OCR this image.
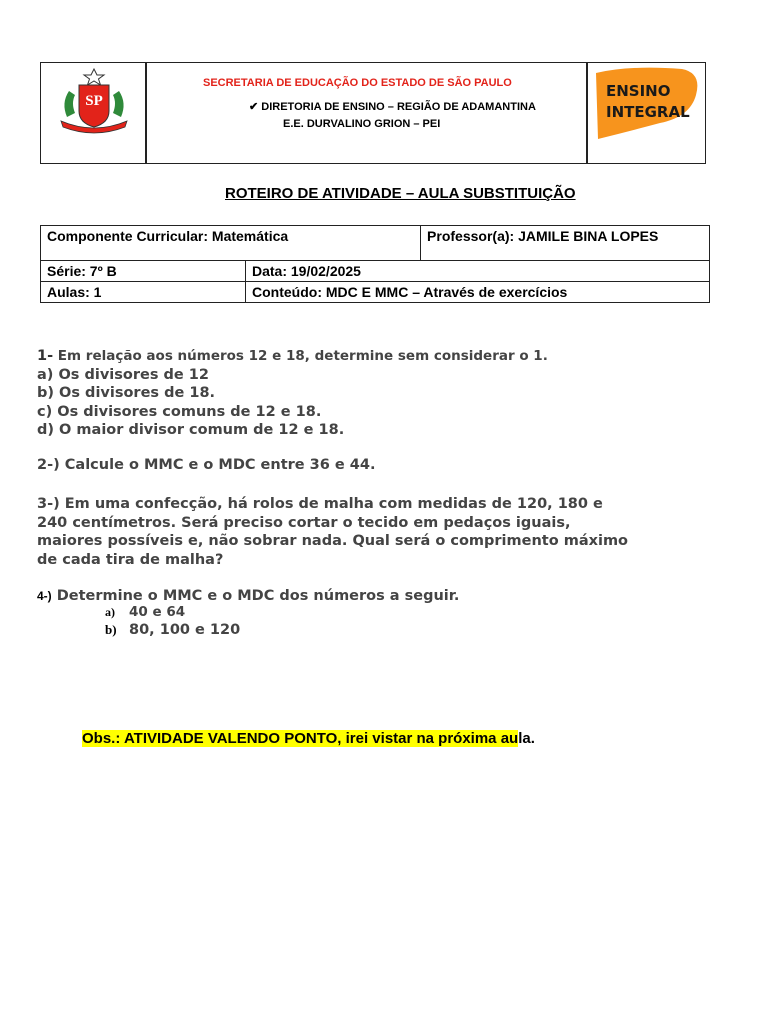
SP
ENSINO
INTEGRAL
SECRETARIA DE EDUCAÇÃO DO ESTADO DE SÃO PAULO
✔ DIRETORIA DE ENSINO – REGIÃO DE ADAMANTINA
E.E. DURVALINO GRION – PEI
ROTEIRO DE ATIVIDADE – AULA SUBSTITUIÇÃO
Componente Curricular: Matemática		Professor(a): JAMILE BINA LOPES
Série: 7º B	Data: 19/02/2025	
Aulas: 1	Conteúdo: MDC E MMC – Através de exercícios	
1- Em relação aos números 12 e 18, determine sem considerar o 1.
a) Os divisores de 12
b) Os divisores de 18.
c) Os divisores comuns de 12 e 18.
d) O maior divisor comum de 12 e 18.
2-) Calcule o MMC e o MDC entre 36 e 44.
3-) Em uma confecção, há rolos de malha com medidas de 120, 180 e
240 centímetros. Será preciso cortar o tecido em pedaços iguais,
maiores possíveis e, não sobrar nada. Qual será o comprimento máximo
de cada tira de malha?
4-) Determine o MMC e o MDC dos números a seguir.
a) 40 e 64
b) 80, 100 e 120
Obs.: ATIVIDADE VALENDO PONTO, irei vistar na próxima aula.
